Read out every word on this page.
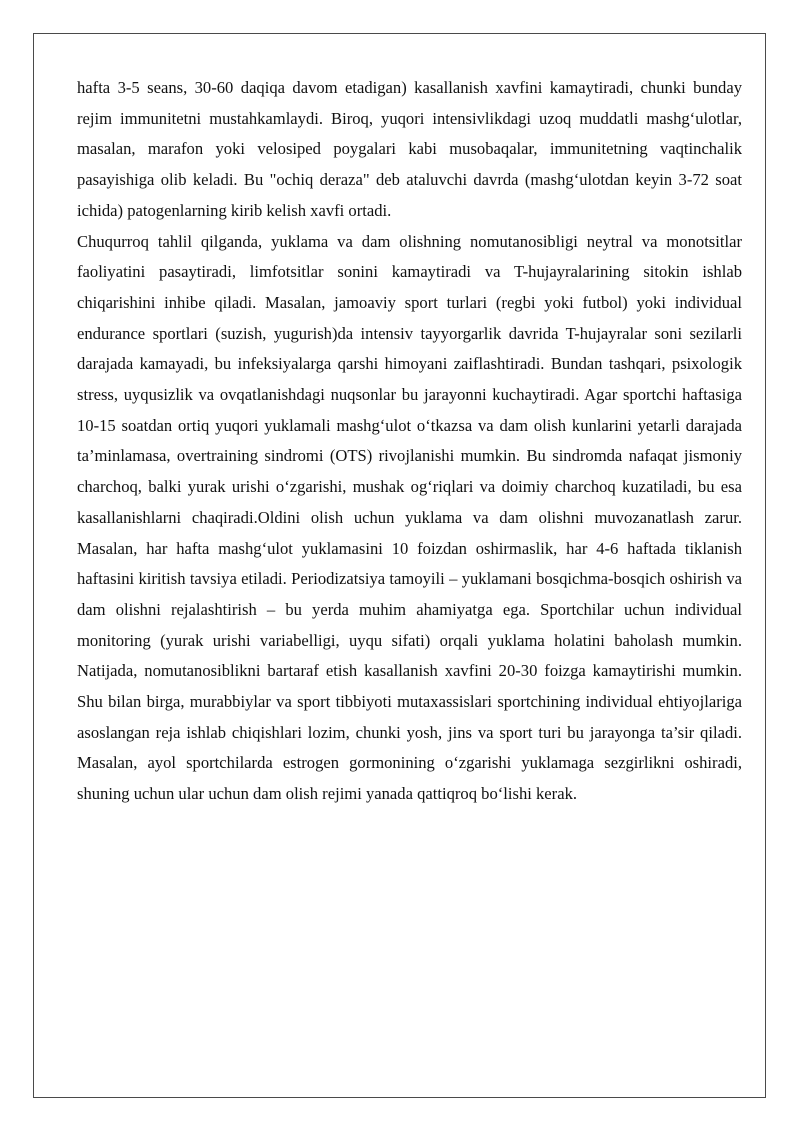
hafta 3-5 seans, 30-60 daqiqa davom etadigan) kasallanish xavfini kamaytiradi, chunki bunday rejim immunitetni mustahkamlaydi. Biroq, yuqori intensivlikdagi uzoq muddatli mashg‘ulotlar, masalan, marafon yoki velosiped poygalari kabi musobaqalar, immunitetning vaqtinchalik pasayishiga olib keladi. Bu "ochiq deraza" deb ataluvchi davrda (mashg‘ulotdan keyin 3-72 soat ichida) patogenlarning kirib kelish xavfi ortadi.

Chuqurroq tahlil qilganda, yuklama va dam olishning nomutanosibligi neytral va monotsitlar faoliyatini pasaytiradi, limfotsitlar sonini kamaytiradi va T-hujayralarining sitokin ishlab chiqarishini inhibe qiladi. Masalan, jamoaviy sport turlari (regbi yoki futbol) yoki individual endurance sportlari (suzish, yugurish)da intensiv tayyorgarlik davrida T-hujayralar soni sezilarli darajada kamayadi, bu infeksiyalarga qarshi himoyani zaiflashtiradi. Bundan tashqari, psixologik stress, uyqusizlik va ovqatlanishdagi nuqsonlar bu jarayonni kuchaytiradi. Agar sportchi haftasiga 10-15 soatdan ortiq yuqori yuklamali mashg‘ulot o‘tkazsa va dam olish kunlarini yetarli darajada ta’minlamasa, overtraining sindromi (OTS) rivojlanishi mumkin. Bu sindromda nafaqat jismoniy charchoq, balki yurak urishi o‘zgarishi, mushak og‘riqlari va doimiy charchoq kuzatiladi, bu esa kasallanishlarni chaqiradi.Oldini olish uchun yuklama va dam olishni muvozanatlash zarur. Masalan, har hafta mashg‘ulot yuklamasini 10 foizdan oshirmaslik, har 4-6 haftada tiklanish haftasini kiritish tavsiya etiladi. Periodizatsiya tamoyili – yuklamani bosqichma-bosqich oshirish va dam olishni rejalashtirish – bu yerda muhim ahamiyatga ega. Sportchilar uchun individual monitoring (yurak urishi variabelligi, uyqu sifati) orqali yuklama holatini baholash mumkin. Natijada, nomutanosiblikni bartaraf etish kasallanish xavfini 20-30 foizga kamaytirishi mumkin. Shu bilan birga, murabbiylar va sport tibbiyoti mutaxassislari sportchining individual ehtiyojlariga asoslangan reja ishlab chiqishlari lozim, chunki yosh, jins va sport turi bu jarayonga ta’sir qiladi. Masalan, ayol sportchilarda estrogen gormonining o‘zgarishi yuklamaga sezgirlikni oshiradi, shuning uchun ular uchun dam olish rejimi yanada qattiqroq bo‘lishi kerak.
